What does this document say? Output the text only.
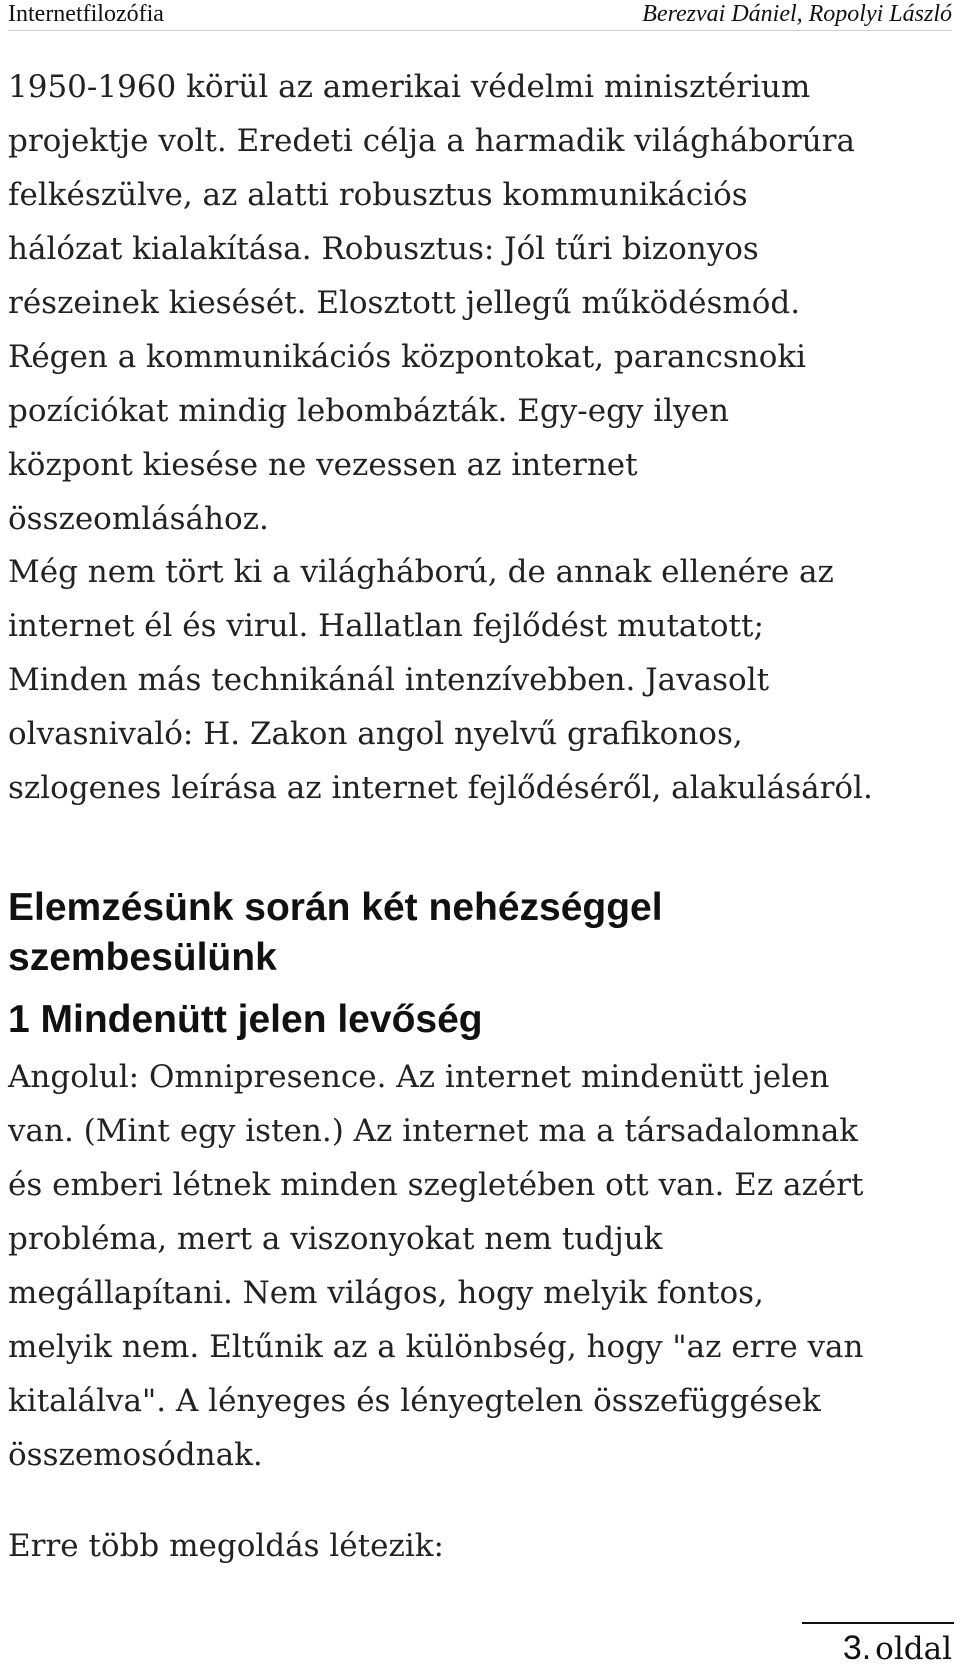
Internetfilozófia	Berezvai Dániel, Ropolyi László

1950-1960 körül az amerikai védelmi minisztérium
projektje volt. Eredeti célja a harmadik világháborúra
felkészülve, az alatti robusztus kommunikációs
hálózat kialakítása. Robusztus: Jól tűri bizonyos
részeinek kiesését. Elosztott jellegű működésmód.
Régen a kommunikációs központokat, parancsnoki
pozíciókat mindig lebombázták. Egy-egy ilyen
központ kiesése ne vezessen az internet
összeomlásához.

Még nem tört ki a világháború, de annak ellenére az
internet él és virul. Hallatlan fejlődést mutatott;
Minden más technikánál intenzívebben. Javasolt
olvasnivaló: H. Zakon angol nyelvű grafikonos,
szlogenes leírása az internet fejlődéséről, alakulásáról.

Elemzésünk során két nehézséggel
szembesülünk
1 Mindenütt jelen levőség

Angolul: Omnipresence. Az internet mindenütt jelen
van. (Mint egy isten.) Az internet ma a társadalomnak
és emberi létnek minden szegletében ott van. Ez azért
probléma, mert a viszonyokat nem tudjuk
megállapítani. Nem világos, hogy melyik fontos,
melyik nem. Eltűnik az a különbség, hogy "az erre van
kitalálva". A lényeges és lényegtelen összefüggések
összemosódnak.

Erre több megoldás létezik:

3. oldal
